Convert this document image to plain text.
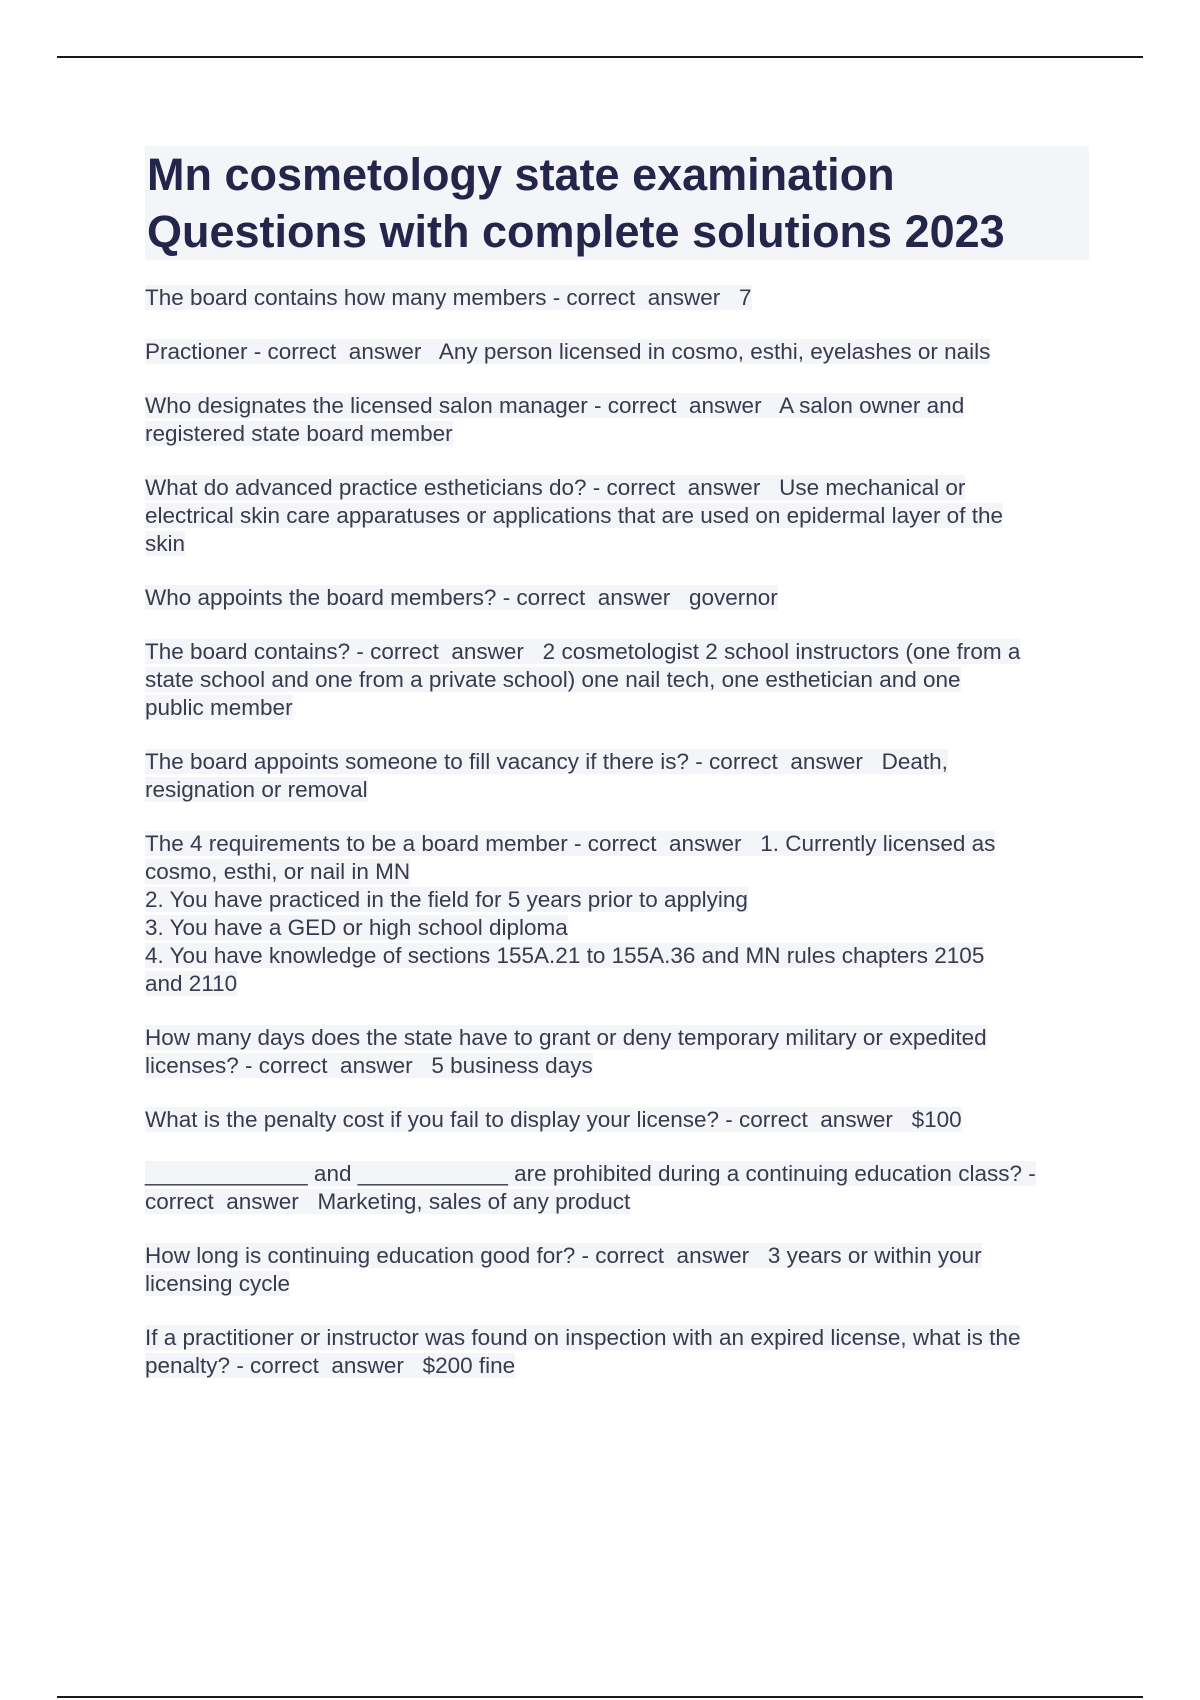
Mn cosmetology state examination
Questions with complete solutions 2023
The board contains how many members - correct  answer   7
Practioner - correct  answer   Any person licensed in cosmo, esthi, eyelashes or nails
Who designates the licensed salon manager - correct  answer   A salon owner and
registered state board member
What do advanced practice estheticians do? - correct  answer   Use mechanical or
electrical skin care apparatuses or applications that are used on epidermal layer of the
skin
Who appoints the board members? - correct  answer   governor
The board contains? - correct  answer   2 cosmetologist 2 school instructors (one from a
state school and one from a private school) one nail tech, one esthetician and one
public member
The board appoints someone to fill vacancy if there is? - correct  answer   Death,
resignation or removal
The 4 requirements to be a board member - correct  answer   1. Currently licensed as
cosmo, esthi, or nail in MN
2. You have practiced in the field for 5 years prior to applying
3. You have a GED or high school diploma
4. You have knowledge of sections 155A.21 to 155A.36 and MN rules chapters 2105
and 2110
How many days does the state have to grant or deny temporary military or expedited
licenses? - correct  answer   5 business days
What is the penalty cost if you fail to display your license? - correct  answer   $100
_____________ and ____________ are prohibited during a continuing education class? -
correct  answer   Marketing, sales of any product
How long is continuing education good for? - correct  answer   3 years or within your
licensing cycle
If a practitioner or instructor was found on inspection with an expired license, what is the
penalty? - correct  answer   $200 fine
